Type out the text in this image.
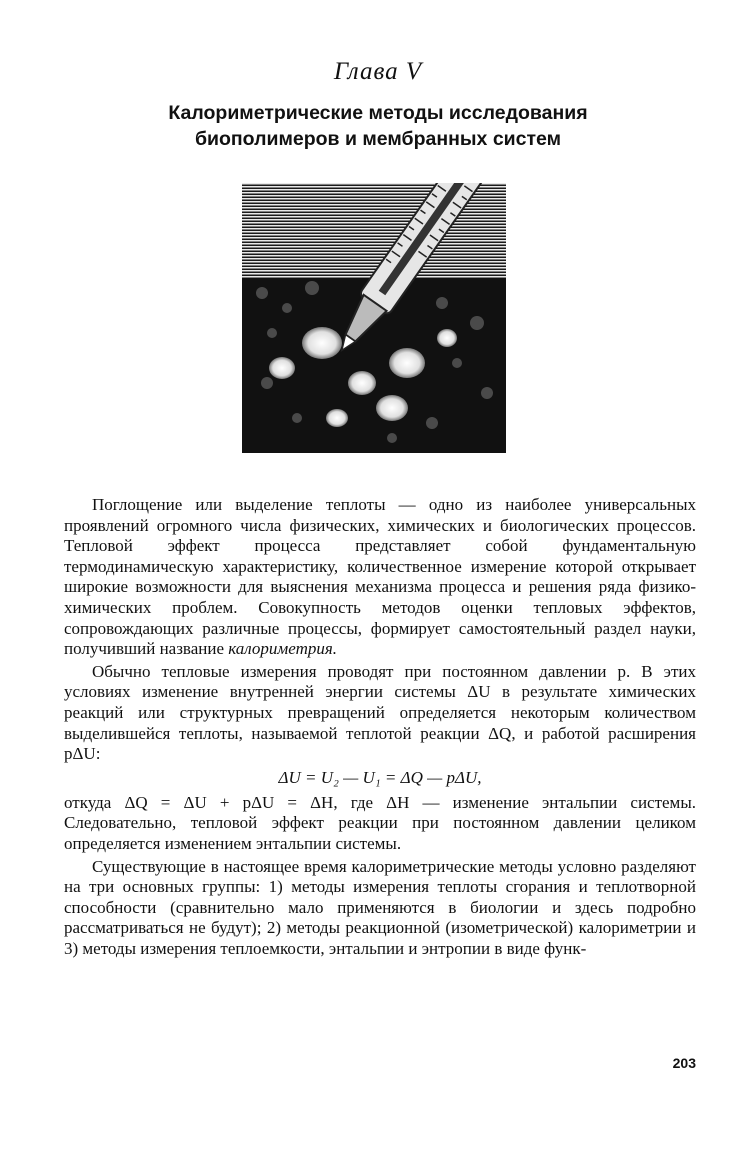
Глава V
Калориметрические методы исследования
биополимеров и мембранных систем

Поглощение или выделение теплоты — одно из наиболее универсальных проявлений огромного числа физических, химических и биологических процессов. Тепловой эффект процесса представляет собой фундаментальную термодинамическую характеристику, количественное измерение которой открывает широкие возможности для выяснения механизма процесса и решения ряда физико-химических проблем. Совокупность методов оценки тепловых эффектов, сопровождающих различные процессы, формирует самостоятельный раздел науки, получивший название калориметрия.

Обычно тепловые измерения проводят при постоянном давлении p. В этих условиях изменение внутренней энергии системы ΔU в результате химических реакций или структурных превращений определяется некоторым количеством выделившейся теплоты, называемой теплотой реакции ΔQ, и работой расширения pΔU:

ΔU = U₂ — U₁ = ΔQ — pΔU,

откуда ΔQ = ΔU + pΔU = ΔH, где ΔH — изменение энтальпии системы. Следовательно, тепловой эффект реакции при постоянном давлении целиком определяется изменением энтальпии системы.

Существующие в настоящее время калориметрические методы условно разделяют на три основных группы: 1) методы измерения теплоты сгорания и теплотворной способности (сравнительно мало применяются в биологии и здесь подробно рассматриваться не будут); 2) методы реакционной (изометрической) калориметрии и 3) методы измерения теплоемкости, энтальпии и энтропии в виде функ-

203
